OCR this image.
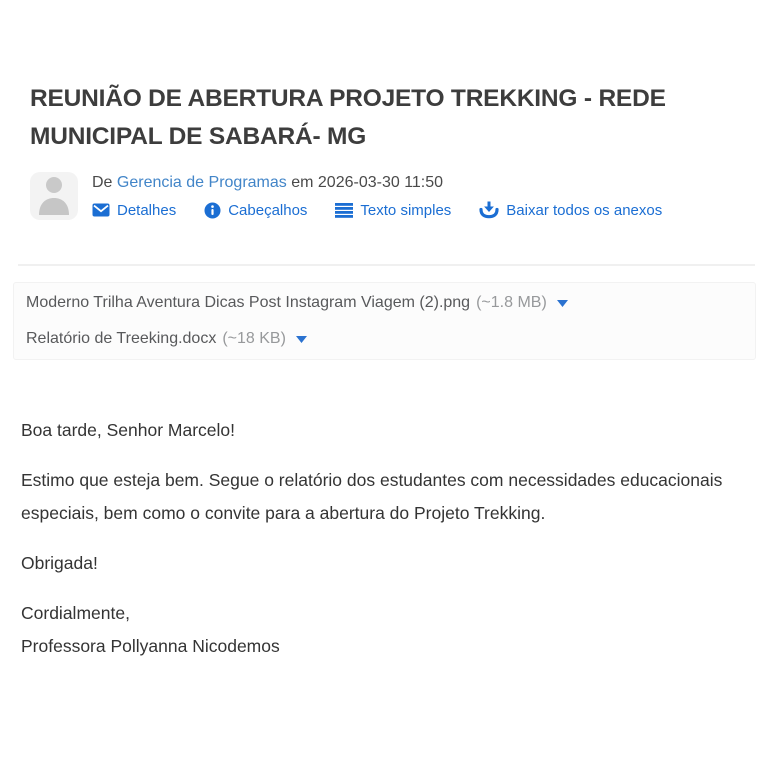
REUNIÃO DE ABERTURA PROJETO TREKKING - REDE MUNICIPAL DE SABARÁ- MG
De Gerencia de Programas em 2026-03-30 11:50
Detalhes	Cabeçalhos	Texto simples	Baixar todos os anexos
Moderno Trilha Aventura Dicas Post Instagram Viagem (2).png (~1.8 MB)
Relatório de Treeking.docx (~18 KB)

Boa tarde, Senhor Marcelo!

Estimo que esteja bem. Segue o relatório dos estudantes com necessidades educacionais especiais, bem como o convite para a abertura do Projeto Trekking.

Obrigada!

Cordialmente,
Professora Pollyanna Nicodemos
